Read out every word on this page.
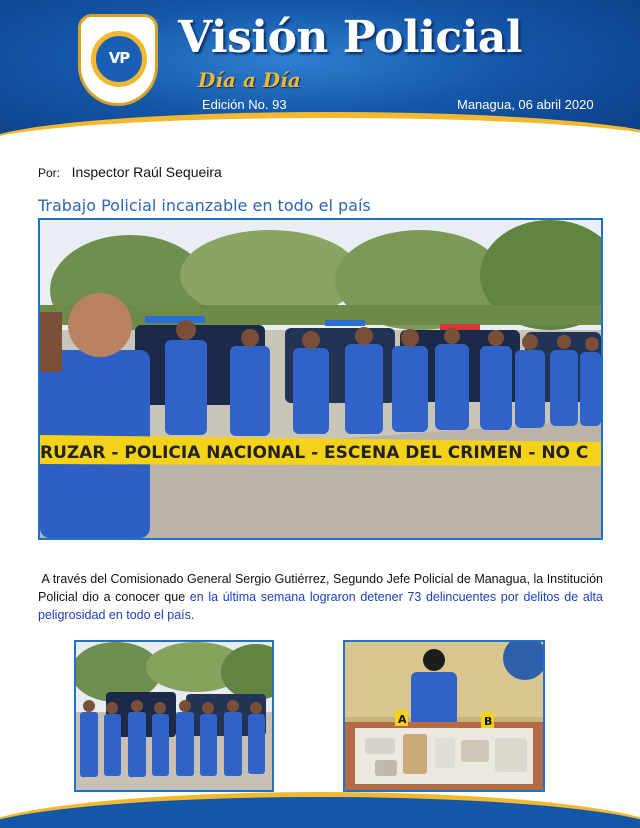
VP Visión Policial
Día a Día
Edición No. 93	Managua, 06 abril 2020
Por: Inspector Raúl Sequeira
Trabajo Policial incanzable en todo el país
RUZAR - POLICIA NACIONAL - ESCENA DEL CRIMEN - NO C
A través del Comisionado General Sergio Gutiérrez, Segundo Jefe Policial de Managua, la Institución Policial dio a conocer que en la última semana lograron detener 73 delincuentes por delitos de alta peligrosidad en todo el país.
A	B
